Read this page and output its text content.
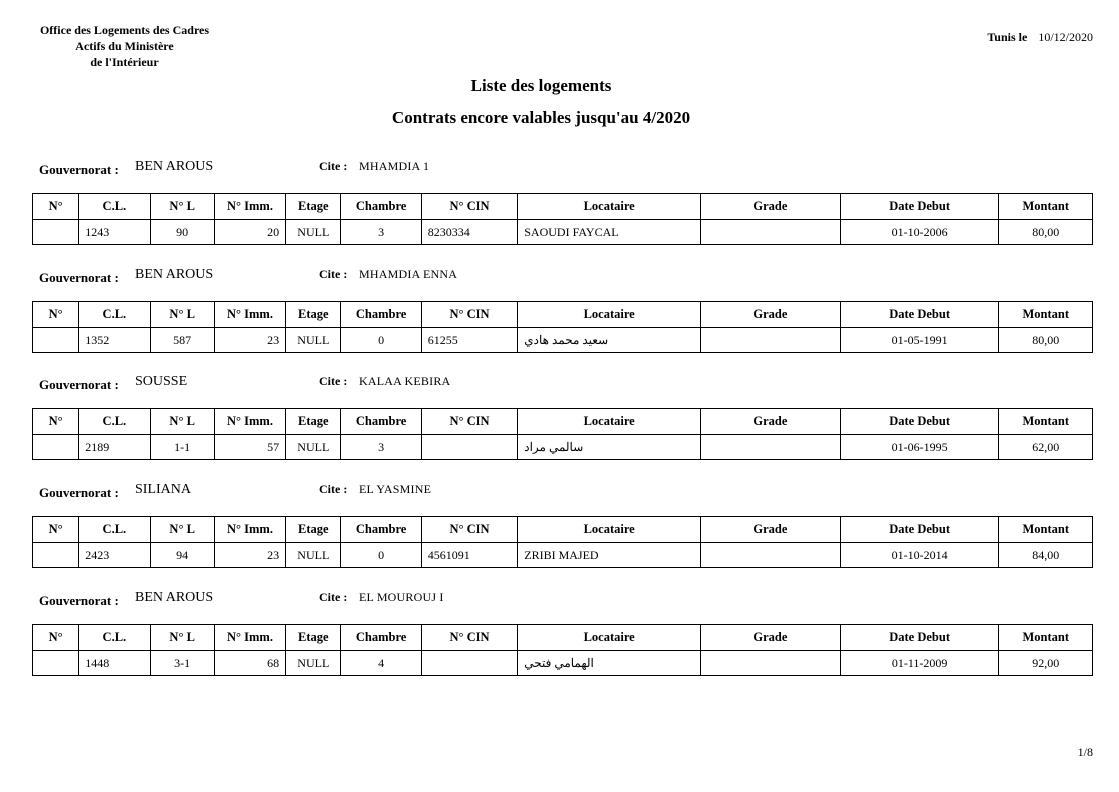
Office des Logements des Cadres
Actifs du Ministère
de l'Intérieur
Tunis le 10/12/2020
Liste des logements
Contrats encore valables jusqu'au 4/2020
Gouvernorat : BEN AROUS	Cite : MHAMDIA 1
N°	C.L.	N° L	N° Imm.	Etage	Chambre	N° CIN	Locataire	Grade	Date Debut	Montant
	1243	90	20	NULL	3	8230334	SAOUDI FAYCAL		01-10-2006	80,00
Gouvernorat : BEN AROUS	Cite : MHAMDIA ENNA
N°	C.L.	N° L	N° Imm.	Etage	Chambre	N° CIN	Locataire	Grade	Date Debut	Montant
	1352	587	23	NULL	0	61255	سعيد محمد هادي		01-05-1991	80,00
Gouvernorat : SOUSSE	Cite : KALAA KEBIRA
N°	C.L.	N° L	N° Imm.	Etage	Chambre	N° CIN	Locataire	Grade	Date Debut	Montant
	2189	1-1	57	NULL	3		سالمي مراد		01-06-1995	62,00
Gouvernorat : SILIANA	Cite : EL YASMINE
N°	C.L.	N° L	N° Imm.	Etage	Chambre	N° CIN	Locataire	Grade	Date Debut	Montant
	2423	94	23	NULL	0	4561091	ZRIBI MAJED		01-10-2014	84,00
Gouvernorat : BEN AROUS	Cite : EL MOUROUJ I
N°	C.L.	N° L	N° Imm.	Etage	Chambre	N° CIN	Locataire	Grade	Date Debut	Montant
	1448	3-1	68	NULL	4		الهمامي فتحي		01-11-2009	92,00
1/8
